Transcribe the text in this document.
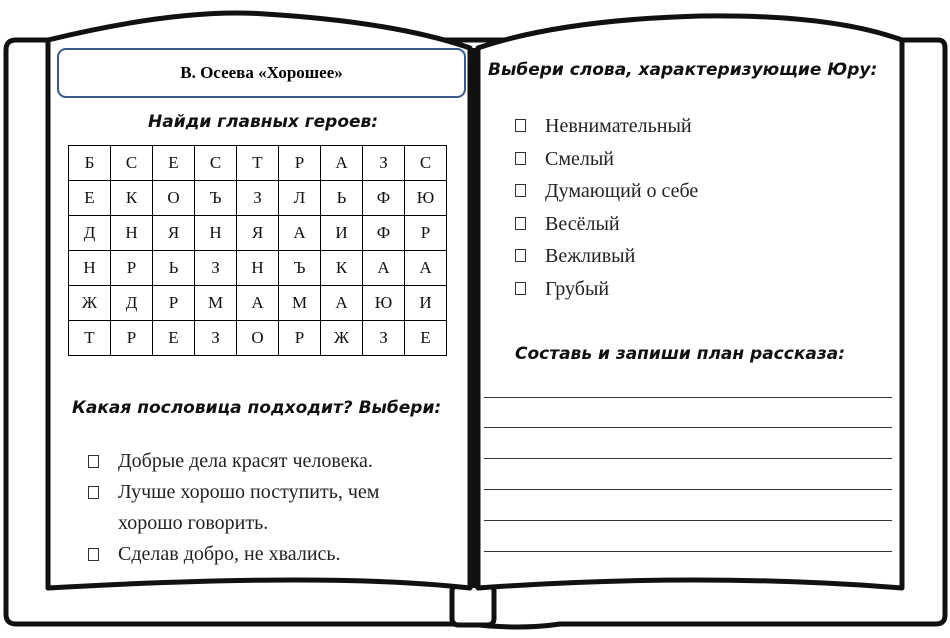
В. Осеева «Хорошее»
Найди главных героев:
Б	С	Е	С	Т	Р	А	З	С
Е	К	О	Ъ	З	Л	Ь	Ф	Ю
Д	Н	Я	Н	Я	А	И	Ф	Р
Н	Р	Ь	З	Н	Ъ	К	А	А
Ж	Д	Р	М	А	М	А	Ю	И
Т	Р	Е	З	О	Р	Ж	З	Е
Какая пословица подходит? Выбери:
Добрые дела красят человека.
Лучше хорошо поступить, чем хорошо говорить.
Сделав добро, не хвались.
Выбери слова, характеризующие Юру:
Невнимательный
Смелый
Думающий о себе
Весёлый
Вежливый
Грубый
Составь и запиши план рассказа:
